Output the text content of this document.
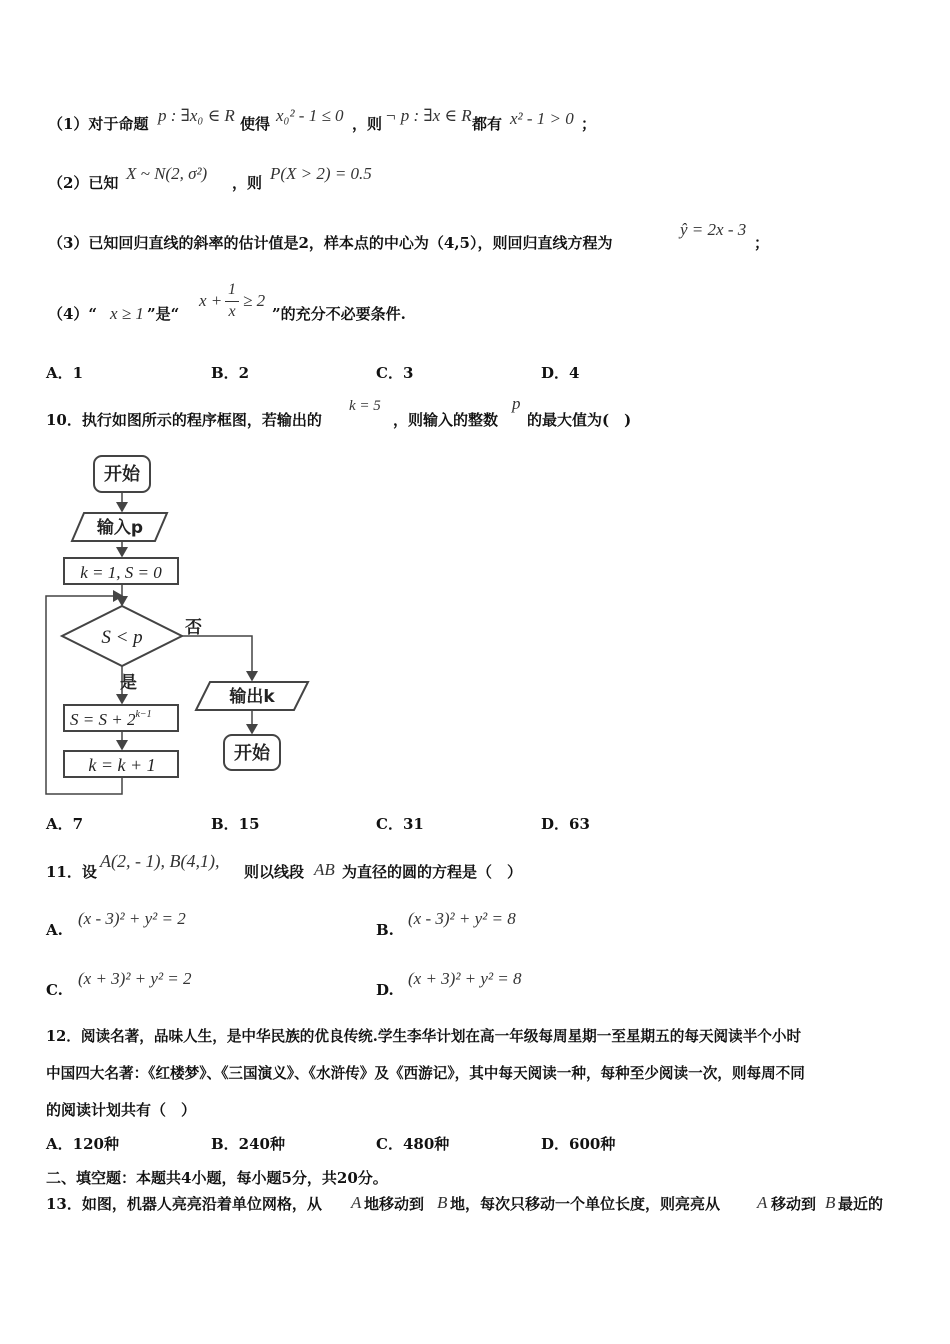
（1）对于命题 p : ∃x₀ ∈ R 使得 x₀² - 1 ≤ 0 ，则 ¬ p : ∃x ∈ R 都有 x² - 1 > 0 ；
（2）已知 X ~ N(2, σ²) ，则 P(X > 2) = 0.5
（3）已知回归直线的斜率的估计值是2，样本点的中心为（4,5），则回归直线方程为
ŷ = 2x - 3
；
（4）“ x ≥ 1 ”是“
x +
1
x
≥ 2
”的充分不必要条件.
A．1	B．2	C．3	D．4
10．执行如图所示的程序框图，若输出的
k = 5
，则输入的整数
p
的最大值为(　)
开始
输入p
k = 1, S = 0
S < p 否
是
$S = S + 2^{k-1}$
k = k + 1
输出k
开始
A．7	B．15	C．31	D．63
11．设
A(2, - 1), B(4,1),
则以线段 AB 为直径的圆的方程是（　）
A.
(x - 3)² + y² = 2
B.
(x - 3)² + y² = 8
C.
(x + 3)² + y² = 2
D.
(x + 3)² + y² = 8
12．阅读名著，品味人生，是中华民族的优良传统.学生李华计划在高一年级每周星期一至星期五的每天阅读半个小时
中国四大名著：《红楼梦》、《三国演义》、《水浒传》及《西游记》，其中每天阅读一种，每种至少阅读一次，则每周不同
的阅读计划共有（　）
A．120种	B．240种	C．480种	D．600种
二、填空题：本题共4小题，每小题5分，共20分。
13．如图，机器人亮亮沿着单位网格，从 A 地移动到 B 地，每次只移动一个单位长度，则亮亮从 A 移动到 B 最近的
